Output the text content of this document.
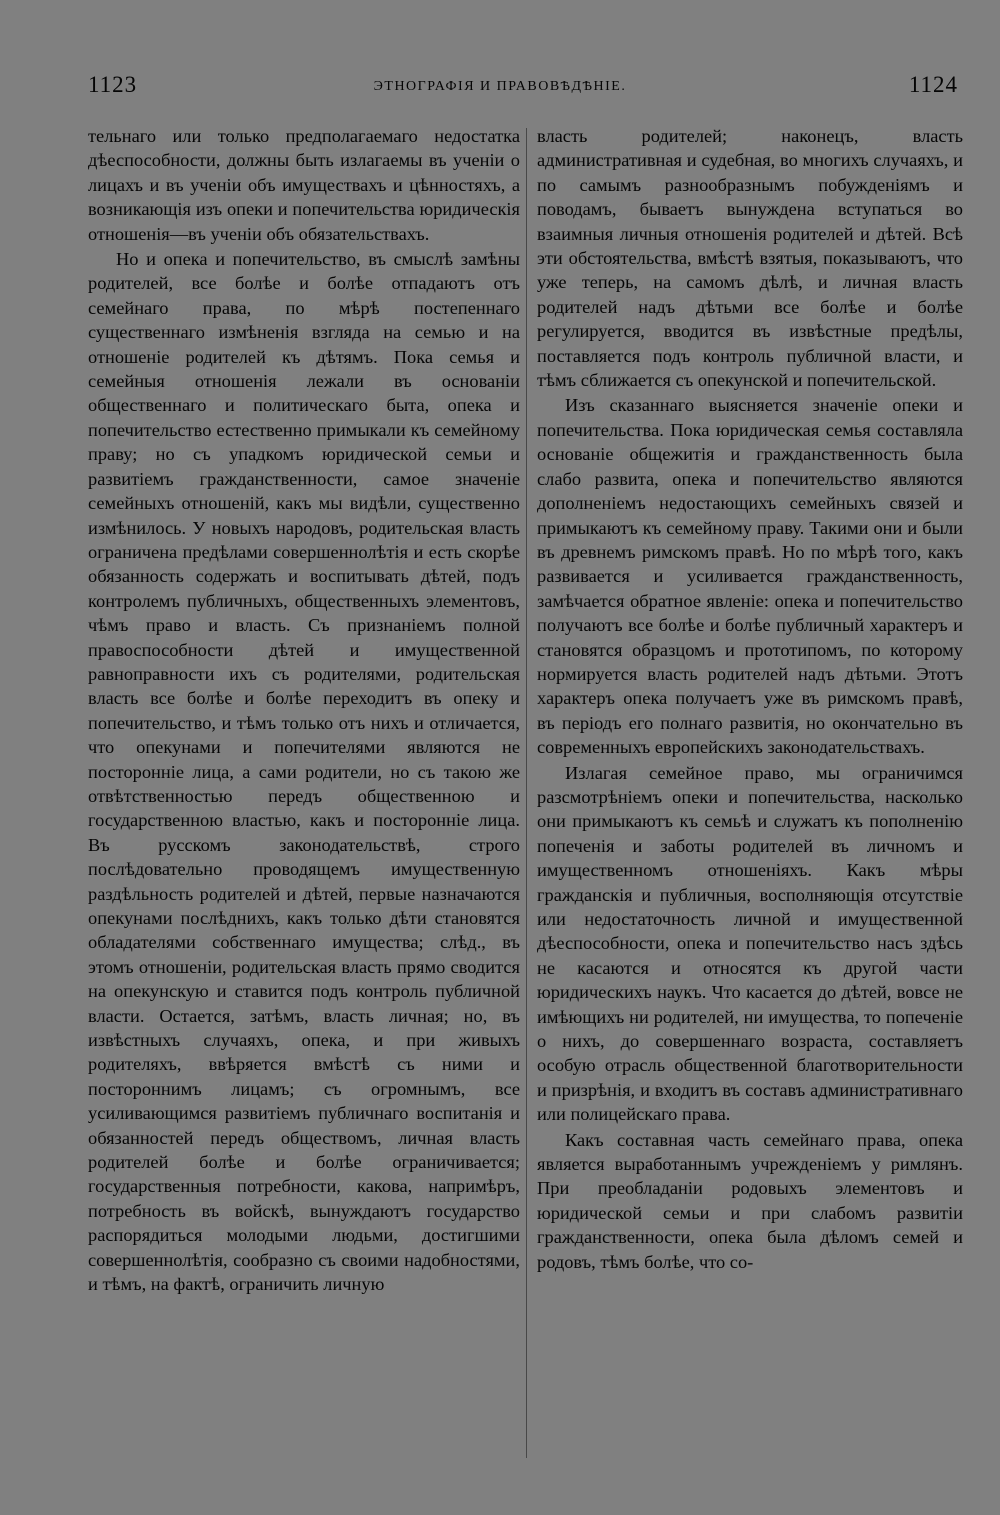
1123	ЭТНОГРАФІЯ И ПРАВОВѢДѢНІЕ.	1124

тельнаго или только предполагаемаго недостатка дѣеспособности, должны быть излагаемы въ ученіи о лицахъ и въ ученіи объ имуществахъ и цѣнностяхъ, а возникающія изъ опеки и попечительства юридическія отношенія—въ ученіи объ обязательствахъ.

Но и опека и попечительство, въ смыслѣ замѣны родителей, все болѣе и болѣе отпадаютъ отъ семейнаго права, по мѣрѣ постепеннаго существеннаго измѣненія взгляда на семью и на отношеніе родителей къ дѣтямъ. Пока семья и семейныя отношенія лежали въ основаніи общественнаго и политическаго быта, опека и попечительство естественно примыкали къ семейному праву; но съ упадкомъ юридической семьи и развитіемъ гражданственности, самое значеніе семейныхъ отношеній, какъ мы видѣли, существенно измѣнилось. У новыхъ народовъ, родительская власть ограничена предѣлами совершеннолѣтія и есть скорѣе обязанность содержать и воспитывать дѣтей, подъ контролемъ публичныхъ, общественныхъ элементовъ, чѣмъ право и власть. Съ признаніемъ полной правоспособности дѣтей и имущественной равноправности ихъ съ родителями, родительская власть все болѣе и болѣе переходитъ въ опеку и попечительство, и тѣмъ только отъ нихъ и отличается, что опекунами и попечителями являются не посторонніе лица, а сами родители, но съ такою же отвѣтственностью передъ общественною и государственною властью, какъ и посторонніе лица. Въ русскомъ законодательствѣ, строго послѣдовательно проводящемъ имущественную раздѣльность родителей и дѣтей, первые назначаются опекунами послѣднихъ, какъ только дѣти становятся обладателями собственнаго имущества; слѣд., въ этомъ отношеніи, родительская власть прямо сводится на опекунскую и ставится подъ контроль публичной власти. Остается, затѣмъ, власть личная; но, въ извѣстныхъ случаяхъ, опека, и при живыхъ родителяхъ, ввѣряется вмѣстѣ съ ними и постороннимъ лицамъ; съ огромнымъ, все усиливающимся развитіемъ публичнаго воспитанія и обязанностей передъ обществомъ, личная власть родителей болѣе и болѣе ограничивается; государственныя потребности, какова, напримѣръ, потребность въ войскѣ, вынуждаютъ государство распорядиться молодыми людьми, достигшими совершеннолѣтія, сообразно съ своими надобностями, и тѣмъ, на фактѣ, ограничить личную

власть родителей; наконецъ, власть административная и судебная, во многихъ случаяхъ, и по самымъ разнообразнымъ побужденіямъ и поводамъ, бываетъ вынуждена вступаться во взаимныя личныя отношенія родителей и дѣтей. Всѣ эти обстоятельства, вмѣстѣ взятыя, показываютъ, что уже теперь, на самомъ дѣлѣ, и личная власть родителей надъ дѣтьми все болѣе и болѣе регулируется, вводится въ извѣстные предѣлы, поставляется подъ контроль публичной власти, и тѣмъ сближается съ опекунской и попечительской.

Изъ сказаннаго выясняется значеніе опеки и попечительства. Пока юридическая семья составляла основаніе общежитія и гражданственность была слабо развита, опека и попечительство являются дополненіемъ недостающихъ семейныхъ связей и примыкаютъ къ семейному праву. Такими они и были въ древнемъ римскомъ правѣ. Но по мѣрѣ того, какъ развивается и усиливается гражданственность, замѣчается обратное явленіе: опека и попечительство получаютъ все болѣе и болѣе публичный характеръ и становятся образцомъ и прототипомъ, по которому нормируется власть родителей надъ дѣтьми. Этотъ характеръ опека получаетъ уже въ римскомъ правѣ, въ періодъ его полнаго развитія, но окончательно въ современныхъ европейскихъ законодательствахъ.

Излагая семейное право, мы ограничимся разсмотрѣніемъ опеки и попечительства, насколько они примыкаютъ къ семьѣ и служатъ къ пополненію попеченія и заботы родителей въ личномъ и имущественномъ отношеніяхъ. Какъ мѣры гражданскія и публичныя, восполняющія отсутствіе или недостаточность личной и имущественной дѣеспособности, опека и попечительство насъ здѣсь не касаются и относятся къ другой части юридическихъ наукъ. Что касается до дѣтей, вовсе не имѣющихъ ни родителей, ни имущества, то попеченіе о нихъ, до совершеннаго возраста, составляетъ особую отрасль общественной благотворительности и призрѣнія, и входитъ въ составъ административнаго или полицейскаго права.

Какъ составная часть семейнаго права, опека является выработаннымъ учрежденіемъ у римлянъ. При преобладаніи родовыхъ элементовъ и юридической семьи и при слабомъ развитіи гражданственности, опека была дѣломъ семей и родовъ, тѣмъ болѣе, что со-
